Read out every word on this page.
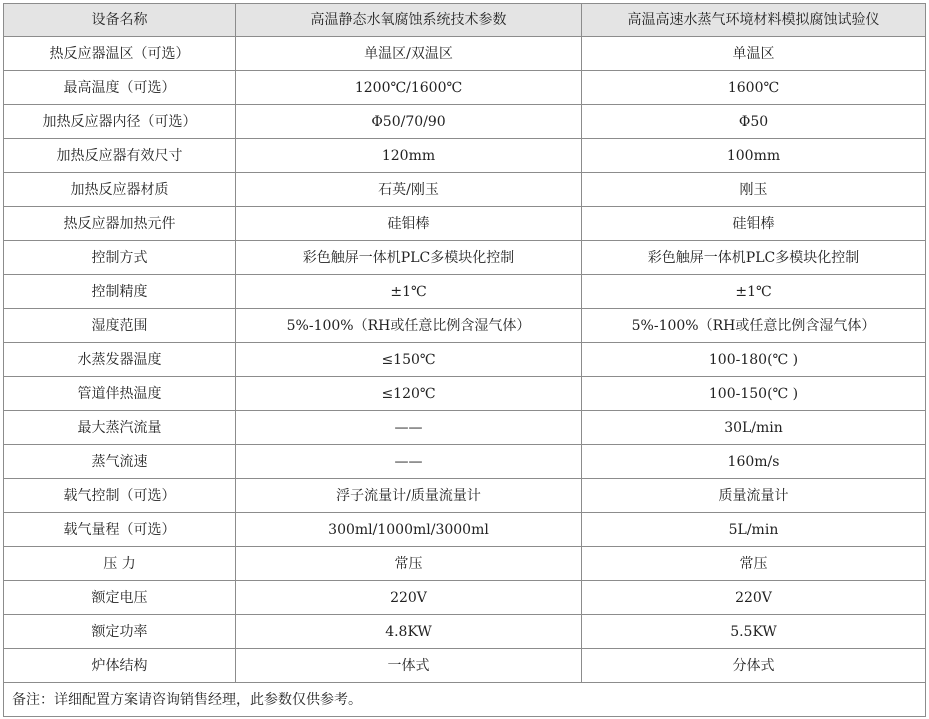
设备名称	高温静态水氧腐蚀系统技术参数	高温高速水蒸气环境材料模拟腐蚀试验仪
热反应器温区（可选）	单温区/双温区	单温区
最高温度（可选）	1200℃/1600℃	1600℃
加热反应器内径（可选）	Φ50/70/90	Φ50
加热反应器有效尺寸	120mm	100mm
加热反应器材质	石英/刚玉	刚玉
热反应器加热元件	硅钼棒	硅钼棒
控制方式	彩色触屏一体机PLC多模块化控制	彩色触屏一体机PLC多模块化控制
控制精度	±1℃	±1℃
湿度范围	5%-100%（RH或任意比例含湿气体）	5%-100%（RH或任意比例含湿气体）
水蒸发器温度	≤150℃	100-180(℃ )
管道伴热温度	≤120℃	100-150(℃ )
最大蒸汽流量	——	30L/min
蒸气流速	——	160m/s
载气控制（可选）	浮子流量计/质量流量计	质量流量计
载气量程（可选）	300ml/1000ml/3000ml	5L/min
压 力	常压	常压
额定电压	220V	220V
额定功率	4.8KW	5.5KW
炉体结构	一体式	分体式
备注：详细配置方案请咨询销售经理，此参数仅供参考。		
